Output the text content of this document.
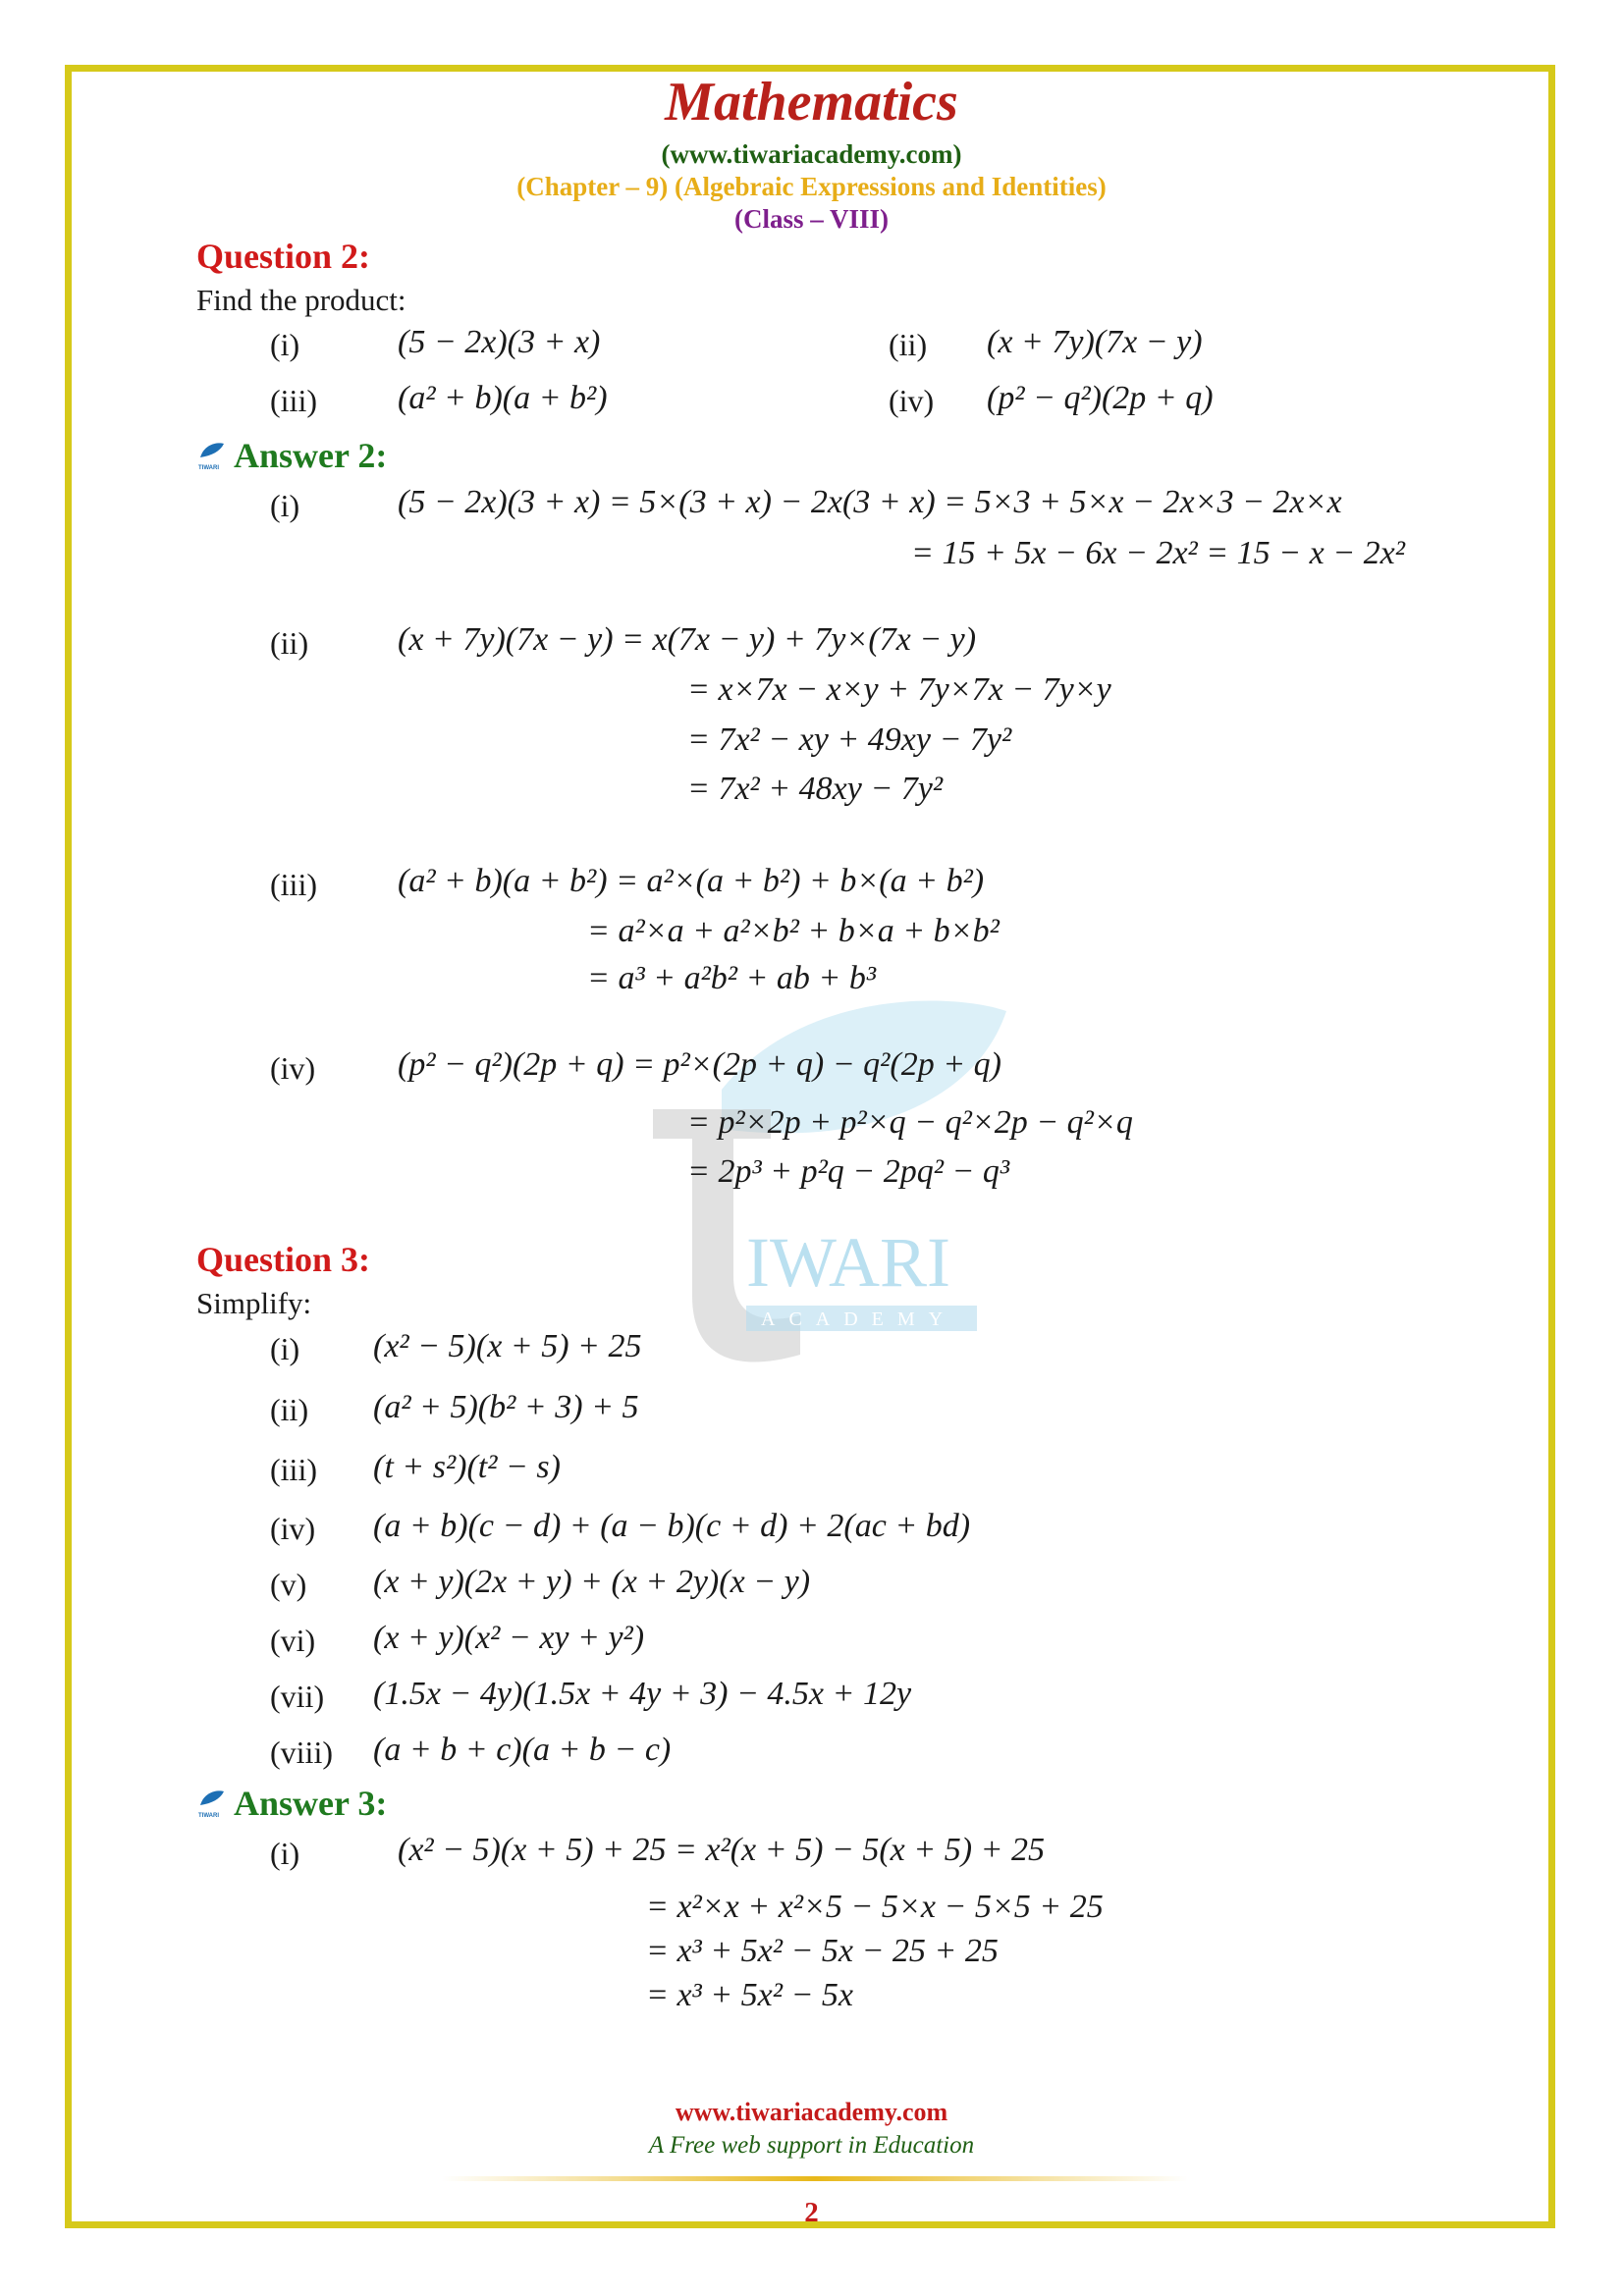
IWARI
ACADEMY
Mathematics
(www.tiwariacademy.com)
(Chapter – 9) (Algebraic Expressions and Identities)
(Class – VIII)
Question 2:
Find the product:
(i)	(5 − 2x)(3 + x)	(ii) (x + 7y)(7x − y)
(iii) (a² + b)(a + b²)	(iv) (p² − q²)(2p + q)
TIWARI Answer 2:
(i)	(5 − 2x)(3 + x) = 5×(3 + x) − 2x(3 + x) = 5×3 + 5×x − 2x×3 − 2x×x
= 15 + 5x − 6x − 2x² = 15 − x − 2x²
(ii)	(x + 7y)(7x − y) = x(7x − y) + 7y×(7x − y)
= x×7x − x×y + 7y×7x − 7y×y
= 7x² − xy + 49xy − 7y²
= 7x² + 48xy − 7y²
(iii) (a² + b)(a + b²) = a²×(a + b²) + b×(a + b²)
= a²×a + a²×b² + b×a + b×b²
= a³ + a²b² + ab + b³
(iv) (p² − q²)(2p + q) = p²×(2p + q) − q²(2p + q)
= p²×2p + p²×q − q²×2p − q²×q
= 2p³ + p²q − 2pq² − q³
Question 3:
Simplify:
(i) (x² − 5)(x + 5) + 25
(ii) (a² + 5)(b² + 3) + 5
(iii) (t + s²)(t² − s)
(iv) (a + b)(c − d) + (a − b)(c + d) + 2(ac + bd)
(v) (x + y)(2x + y) + (x + 2y)(x − y)
(vi) (x + y)(x² − xy + y²)
(vii) (1.5x − 4y)(1.5x + 4y + 3) − 4.5x + 12y
(viii) (a + b + c)(a + b − c)
TIWARI Answer 3:
(i)	(x² − 5)(x + 5) + 25 = x²(x + 5) − 5(x + 5) + 25
= x²×x + x²×5 − 5×x − 5×5 + 25
= x³ + 5x² − 5x − 25 + 25
= x³ + 5x² − 5x
www.tiwariacademy.com
A Free web support in Education
2
